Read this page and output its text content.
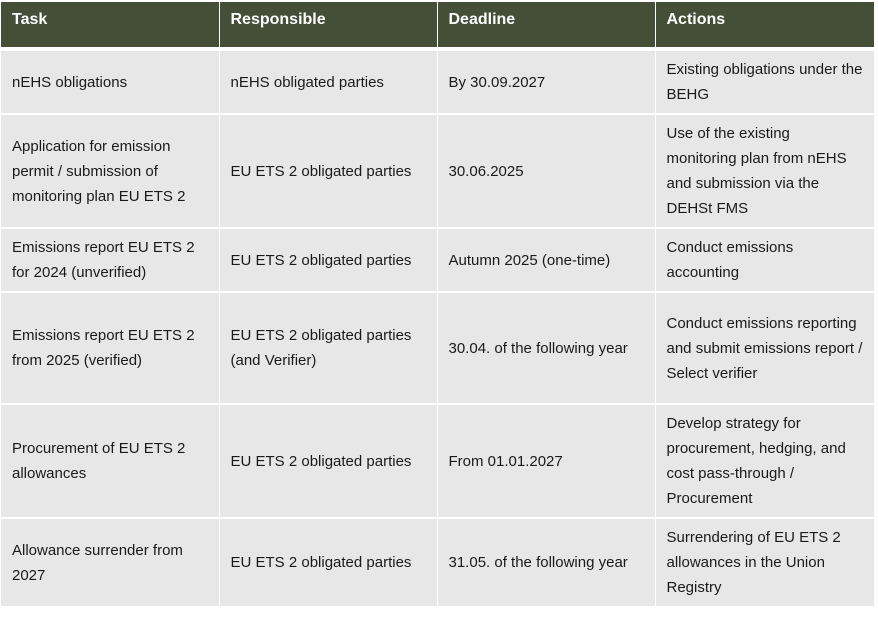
Task	Responsible	Deadline	Actions
nEHS obligations	nEHS obligated parties	By 30.09.2027	Existing obligations under the BEHG
Application for emission permit / submission of monitoring plan EU ETS 2	EU ETS 2 obligated parties	30.06.2025	Use of the existing monitoring plan from nEHS and submission via the DEHSt FMS
Emissions report EU ETS 2 for 2024 (unverified)	EU ETS 2 obligated parties	Autumn 2025 (one-time)	Conduct emissions accounting
Emissions report EU ETS 2 from 2025 (verified)	EU ETS 2 obligated parties (and Verifier)	30.04. of the following year	Conduct emissions reporting and submit emissions report / Select verifier
Procurement of EU ETS 2 allowances	EU ETS 2 obligated parties	From 01.01.2027	Develop strategy for procurement, hedging, and cost pass-through / Procurement
Allowance surrender from 2027	EU ETS 2 obligated parties	31.05. of the following year	Surrendering of EU ETS 2 allowances in the Union Registry
